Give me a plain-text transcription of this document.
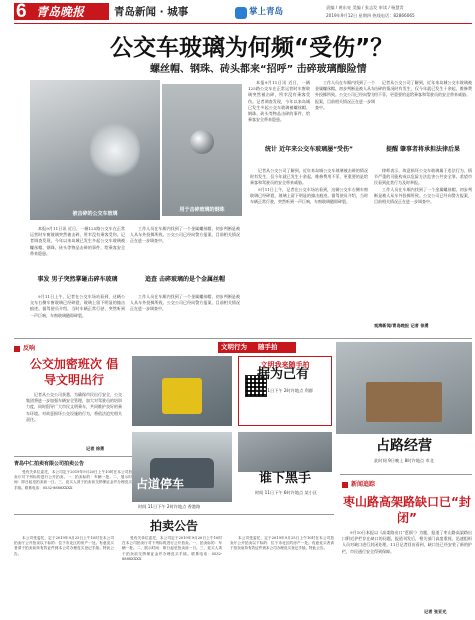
6 青岛晚报	青岛新闻 · 城事	掌上青岛	责编 / 黄东亮 美编 / 张志发 审读 / 杨慧青
2019年9月12日 星期四 热线电话：82866065
公交车玻璃为何频“受伤”？
螺丝帽、钢珠、砖头都来“招呼” 击碎玻璃酿险情
被击碎的公交车玻璃
用于击碎玻璃的钢珠

本报9月11日讯 近日，一辆125路公交车在正常运营时车窗玻璃突然被击碎，所幸没有乘客受伤。记者调查发现，今年以来岛城已发生多起公交车玻璃被螺丝帽、钢珠、砖头等物品击碎的事件，给乘客安全带来隐患。

事发 男子突然掌砸击碎车玻璃

9月11日上午，记者在公交车场站看到，这辆公交车右侧车窗玻璃已经碎裂，玻璃上留下明显的撞击痕迹。据驾驶员介绍，当时车辆正常行驶，突然听到一声巨响，车窗玻璃随即碎裂。

工作人员在车厢内找到了一个金属螺丝帽，初步判断是被人从车外投掷所致。公交公司已经向警方报案，目前相关情况正在进一步调查中。

追查 击碎玻璃的是个金属丝帽

工作人员在车厢内找到了一个金属螺丝帽，初步判断是被人从车外投掷所致。公交公司已经向警方报案，目前相关情况正在进一步调查中。

本报9月11日讯 近日，一辆125路公交车在正常运营时车窗玻璃突然被击碎，所幸没有乘客受伤。记者调查发现，今年以来岛城已发生多起公交车玻璃被螺丝帽、钢珠、砖头等物品击碎的事件，给乘客安全带来隐患。

统计 近年来公交车玻璃屡“受伤”

记者从公交公司了解到，近年来岛城公交车玻璃被击碎的情况时有发生，仅今年就已发生十余起，维修费用不菲，更重要的是给乘客和驾驶员的安全带来威胁。

9月11日上午，记者在公交车场站看到，这辆公交车右侧车窗玻璃已经碎裂，玻璃上留下明显的撞击痕迹。据驾驶员介绍，当时车辆正常行驶，突然听到一声巨响，车窗玻璃随即碎裂。

工作人员在车厢内找到了一个金属螺丝帽，初步判断是被人从车外投掷所致。公交公司已经向警方报案，目前相关情况正在进一步调查中。

记者从公交公司了解到，近年来岛城公交车玻璃被击碎的情况时有发生，仅今年就已发生十余起，维修费用不菲，更重要的是给乘客和驾驶员的安全带来威胁。

提醒 肇事者将承担法律后果

律师表示，故意损坏公交车玻璃属于违法行为，情节严重的可能构成以危险方法危害公共安全罪。希望市民看到此类行为及时举报。

工作人员在车厢内找到了一个金属螺丝帽，初步判断是被人从车外投掷所致。公交公司已经向警方报案，目前相关情况正在进一步调查中。

观海新闻/青岛晚报 记者 徐勇
反响
公交加密班次 倡导文明出行

记者从公交公司获悉，为确保市民出行安全，公交集团将进一步加强车辆安全管理，加大对驾驶员的培训力度，同时倡导广大市民文明乘车，共同维护良好的乘车环境。对故意损坏公交设施的行为，将依法追究相关责任。

记者 徐勇
文明行为	随手拍
文明我来随手拍
据为己有
时间 11日下午 2时许地点 利群
占道停车
时间 11日下午 2时许地点 香港路
谁下黑手
时间 11日下午 6时许地点 某小区
占路经营
此时间 9日晚上 8时许地点 市北
青岛中仁拍卖有限公司拍卖公告

受有关单位委托，本公司定于2019年9月20日上午10时在本公司拍卖厅对下列标的进行公开拍卖。一、拍卖标的：车辆一批。二、展示时间：即日起至拍卖前一日。三、竞买人须于拍卖前交纳保证金并办理竞买手续。联系电话：0532-8888XXXX

拍卖公告

本公司受委托，定于2019年9月25日上午10时在本公司拍卖厅公开拍卖以下标的：位于市北区的房产一处。有意竞买者请于拍卖前持有效证件到本公司办理竞买登记手续。特此公告。

受有关单位委托，本公司定于2019年9月20日上午10时在本公司拍卖厅对下列标的进行公开拍卖。一、拍卖标的：车辆一批。二、展示时间：即日起至拍卖前一日。三、竞买人须于拍卖前交纳保证金并办理竞买手续。联系电话：0532-8888XXXX

本公司受委托，定于2019年9月25日上午10时在本公司拍卖厅公开拍卖以下标的：位于市北区的房产一处。有意竞买者请于拍卖前持有效证件到本公司办理竞买登记手续。特此公告。

新闻追踪
枣山路高架路缺口已“封闭”

9月10日本报以《高架路出口“惹祸”》为题，报道了枣山路高架路出口附近护栏存在缺口的问题。报道刊发后，相关部门高度重视，迅速组织人员对缺口进行封闭处理。11日记者回访看到，缺口处已经安装了新的护栏，市民通行安全得到保障。

记者 张亚光
